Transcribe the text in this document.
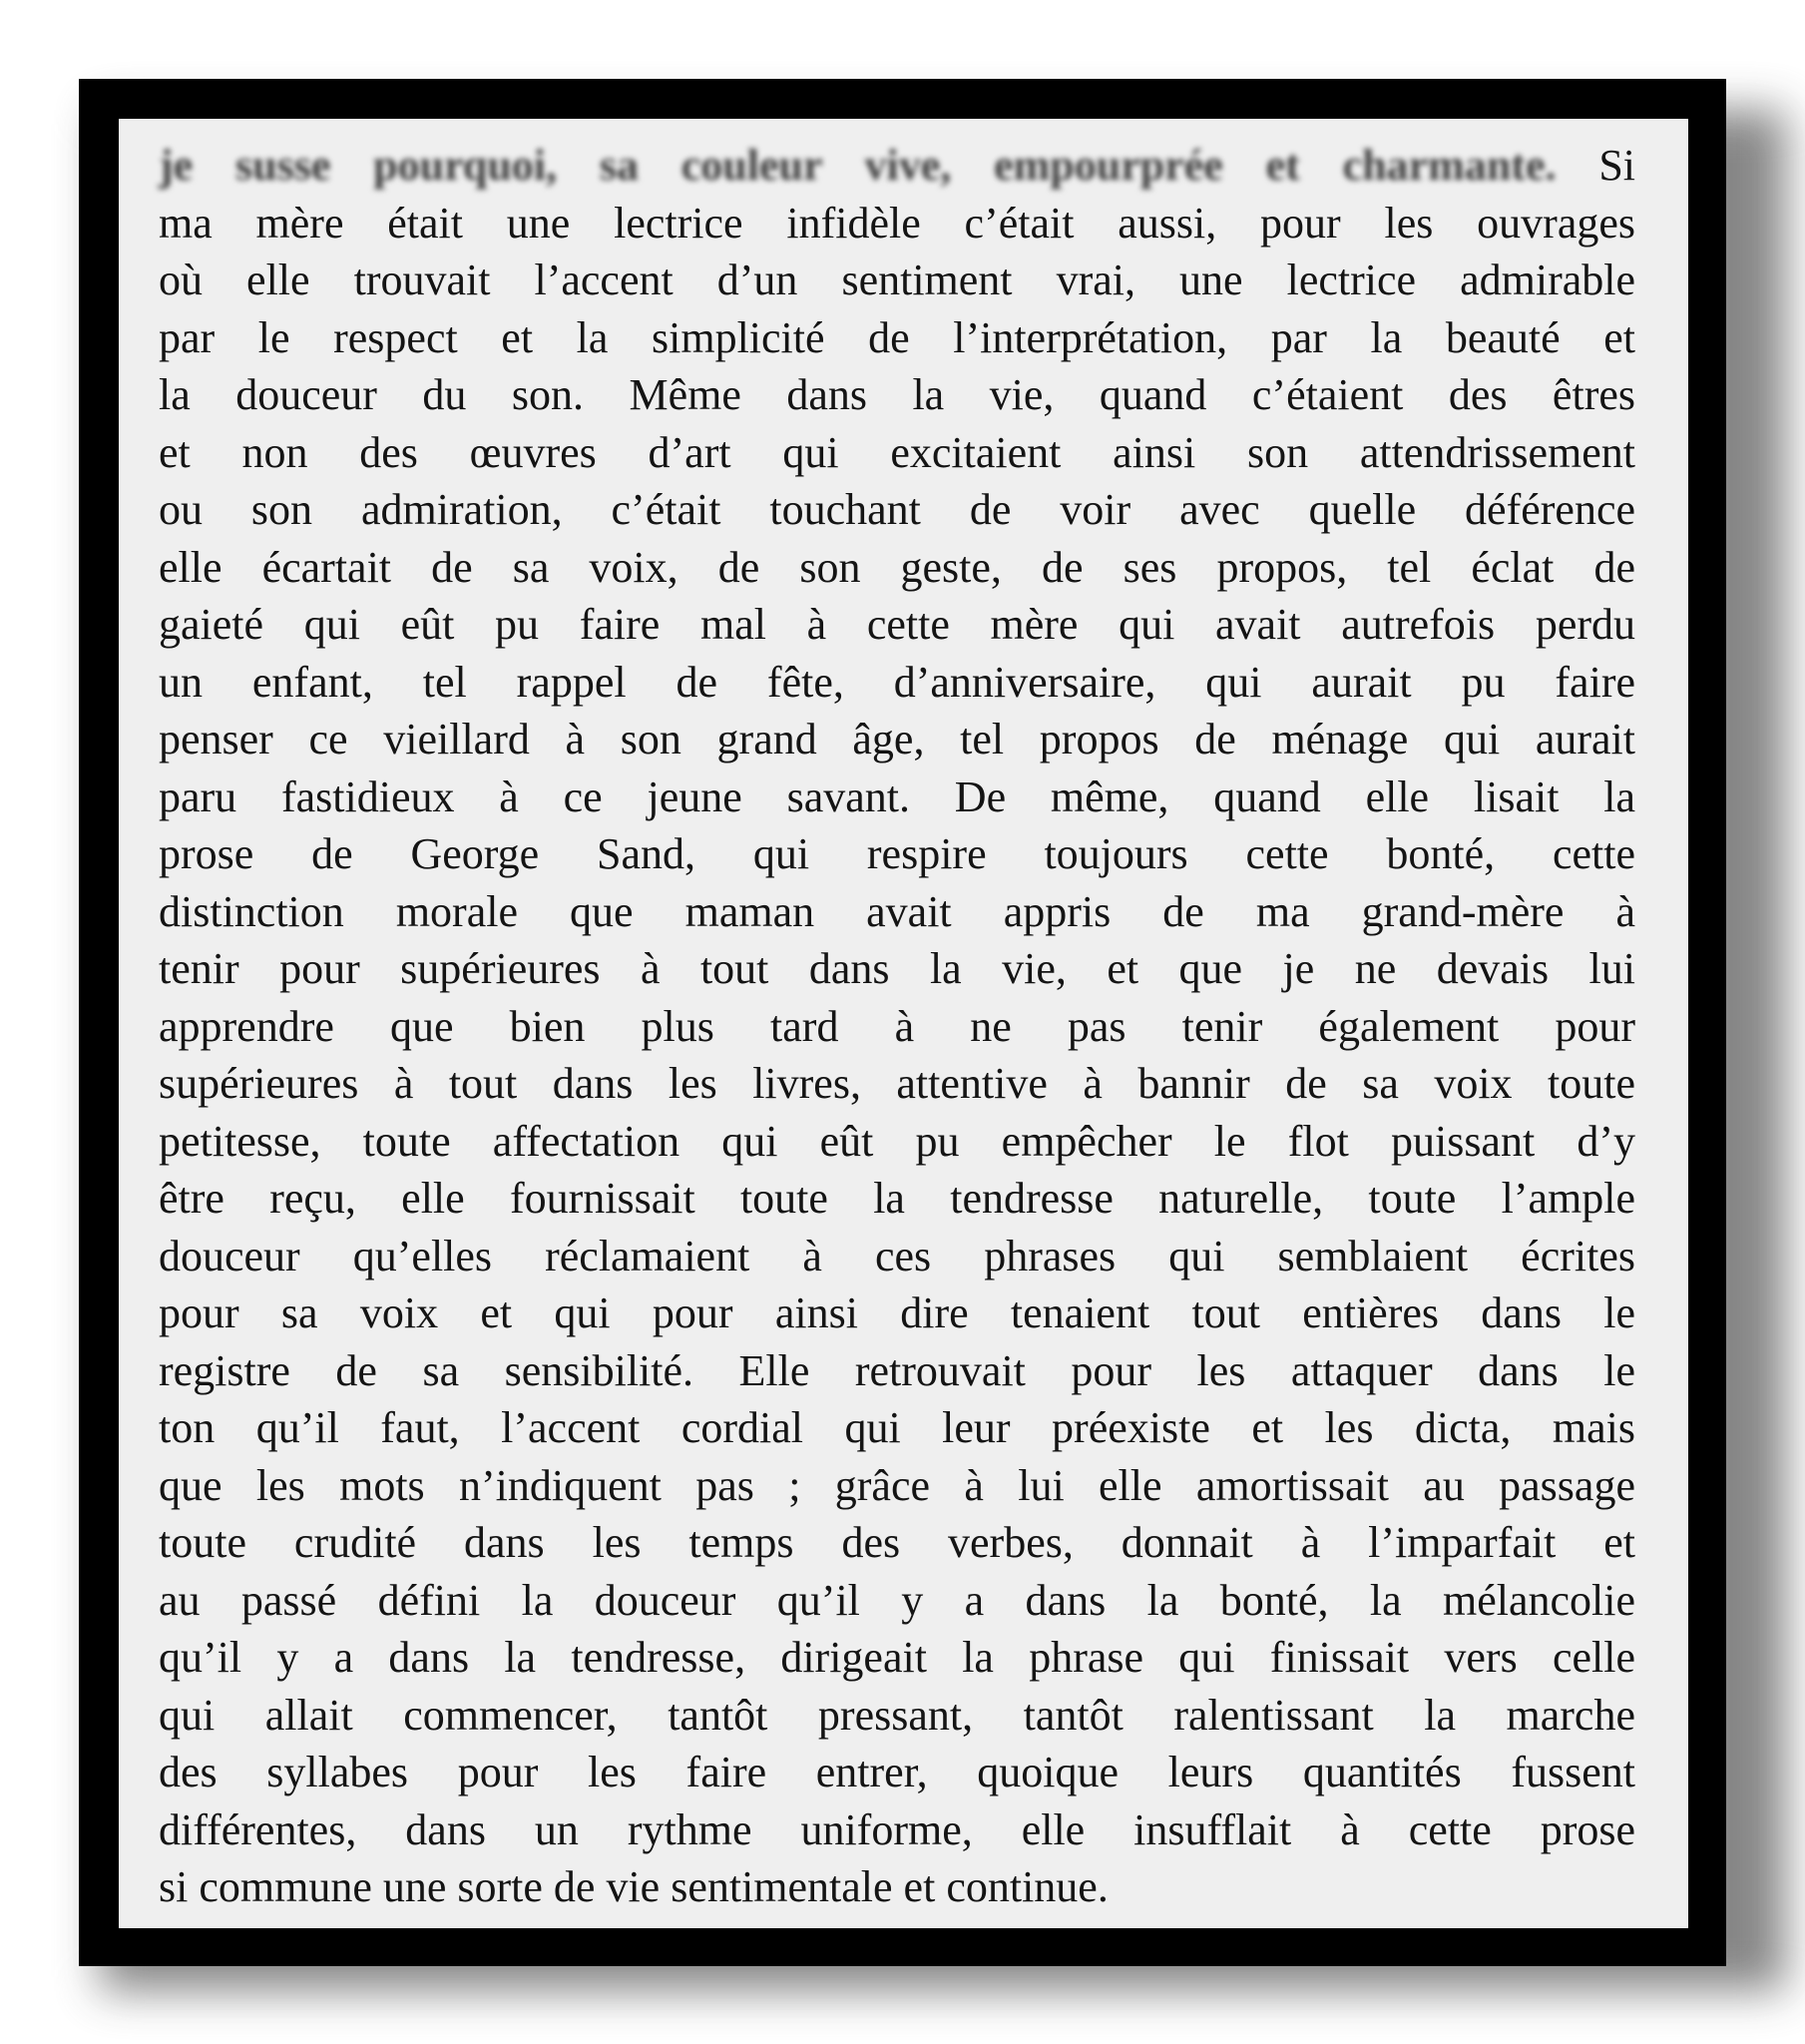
je susse pourquoi, sa couleur vive, empourprée et charmante. Si
ma mère était une lectrice infidèle c’était aussi, pour les ouvrages
où elle trouvait l’accent d’un sentiment vrai, une lectrice admirable
par le respect et la simplicité de l’interprétation, par la beauté et
la douceur du son. Même dans la vie, quand c’étaient des êtres
et non des œuvres d’art qui excitaient ainsi son attendrissement
ou son admiration, c’était touchant de voir avec quelle déférence
elle écartait de sa voix, de son geste, de ses propos, tel éclat de
gaieté qui eût pu faire mal à cette mère qui avait autrefois perdu
un enfant, tel rappel de fête, d’anniversaire, qui aurait pu faire
penser ce vieillard à son grand âge, tel propos de ménage qui aurait
paru fastidieux à ce jeune savant. De même, quand elle lisait la
prose de George Sand, qui respire toujours cette bonté, cette
distinction morale que maman avait appris de ma grand-mère à
tenir pour supérieures à tout dans la vie, et que je ne devais lui
apprendre que bien plus tard à ne pas tenir également pour
supérieures à tout dans les livres, attentive à bannir de sa voix toute
petitesse, toute affectation qui eût pu empêcher le flot puissant d’y
être reçu, elle fournissait toute la tendresse naturelle, toute l’ample
douceur qu’elles réclamaient à ces phrases qui semblaient écrites
pour sa voix et qui pour ainsi dire tenaient tout entières dans le
registre de sa sensibilité. Elle retrouvait pour les attaquer dans le
ton qu’il faut, l’accent cordial qui leur préexiste et les dicta, mais
que les mots n’indiquent pas ; grâce à lui elle amortissait au passage
toute crudité dans les temps des verbes, donnait à l’imparfait et
au passé défini la douceur qu’il y a dans la bonté, la mélancolie
qu’il y a dans la tendresse, dirigeait la phrase qui finissait vers celle
qui allait commencer, tantôt pressant, tantôt ralentissant la marche
des syllabes pour les faire entrer, quoique leurs quantités fussent
différentes, dans un rythme uniforme, elle insufflait à cette prose
si commune une sorte de vie sentimentale et continue.
